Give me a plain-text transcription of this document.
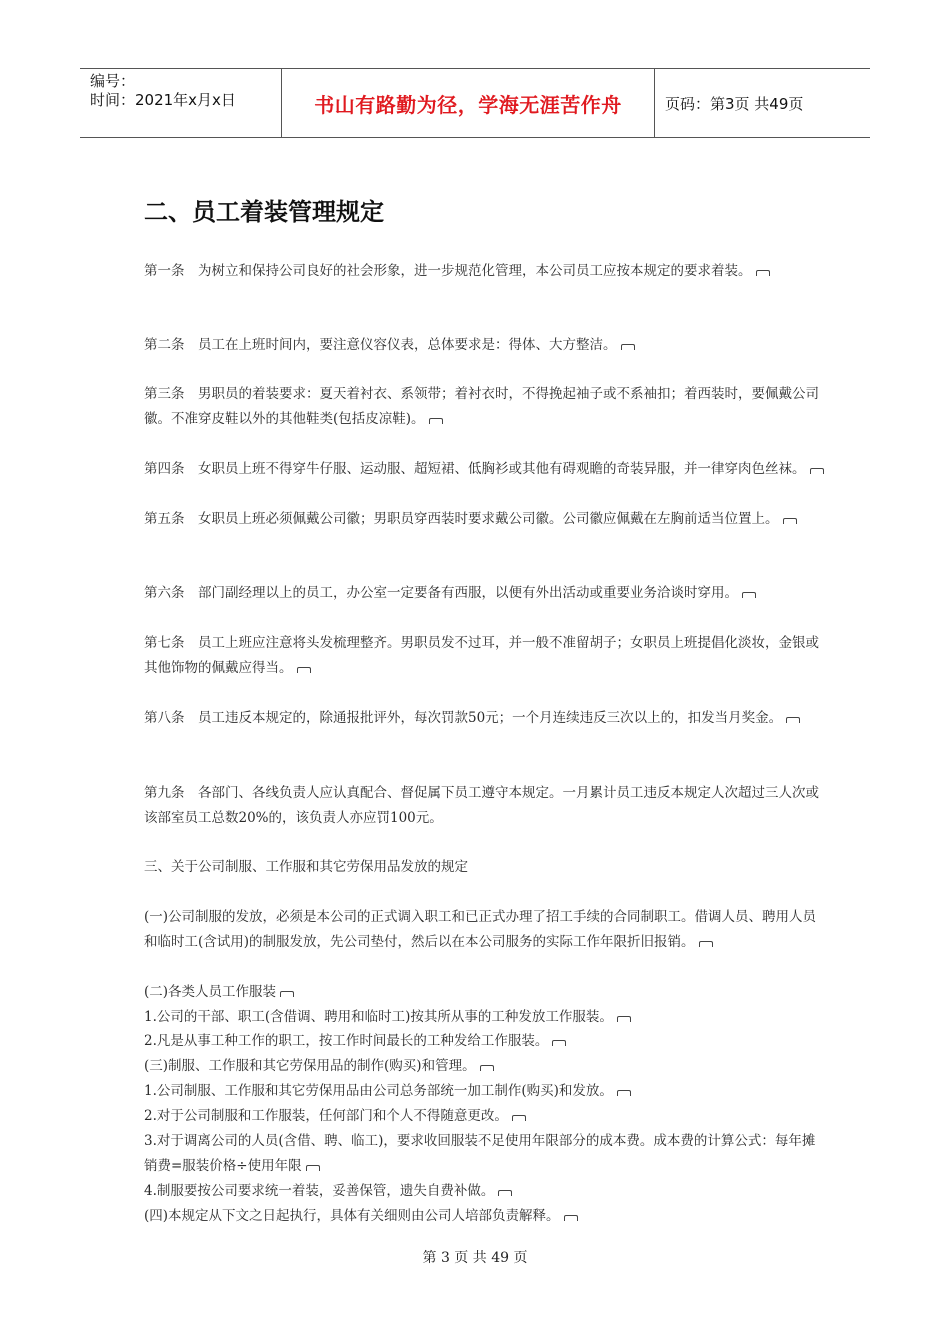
编号：
时间：2021年x月x日	书山有路勤为径，学海无涯苦作舟	页码：第3页 共49页
二、员工着装管理规定

第一条　为树立和保持公司良好的社会形象，进一步规范化管理，本公司员工应按本规定的要求着装。

第二条　员工在上班时间内，要注意仪容仪表，总体要求是：得体、大方整洁。

第三条　男职员的着装要求：夏天着衬衣、系领带；着衬衣时，不得挽起袖子或不系袖扣；着西装时，要佩戴公司徽。不准穿皮鞋以外的其他鞋类(包括皮凉鞋)。

第四条　女职员上班不得穿牛仔服、运动服、超短裙、低胸衫或其他有碍观瞻的奇装异服，并一律穿肉色丝袜。

第五条　女职员上班必须佩戴公司徽；男职员穿西装时要求戴公司徽。公司徽应佩戴在左胸前适当位置上。

第六条　部门副经理以上的员工，办公室一定要备有西服，以便有外出活动或重要业务洽谈时穿用。

第七条　员工上班应注意将头发梳理整齐。男职员发不过耳，并一般不准留胡子；女职员上班提倡化淡妆，金银或其他饰物的佩戴应得当。

第八条　员工违反本规定的，除通报批评外，每次罚款50元；一个月连续违反三次以上的，扣发当月奖金。

第九条　各部门、各线负责人应认真配合、督促属下员工遵守本规定。一月累计员工违反本规定人次超过三人次或该部室员工总数20%的，该负责人亦应罚100元。

三、关于公司制服、工作服和其它劳保用品发放的规定

(一)公司制服的发放，必须是本公司的正式调入职工和已正式办理了招工手续的合同制职工。借调人员、聘用人员和临时工(含试用)的制服发放，先公司垫付，然后以在本公司服务的实际工作年限折旧报销。

(二)各类人员工作服装

1.公司的干部、职工(含借调、聘用和临时工)按其所从事的工种发放工作服装。

2.凡是从事工种工作的职工，按工作时间最长的工种发给工作服装。

(三)制服、工作服和其它劳保用品的制作(购买)和管理。

1.公司制服、工作服和其它劳保用品由公司总务部统一加工制作(购买)和发放。

2.对于公司制服和工作服装，任何部门和个人不得随意更改。

3.对于调离公司的人员(含借、聘、临工)，要求收回服装不足使用年限部分的成本费。成本费的计算公式：每年摊销费=服装价格÷使用年限

4.制服要按公司要求统一着装，妥善保管，遗失自费补做。

(四)本规定从下文之日起执行，具体有关细则由公司人培部负责解释。

第 3 页 共 49 页
